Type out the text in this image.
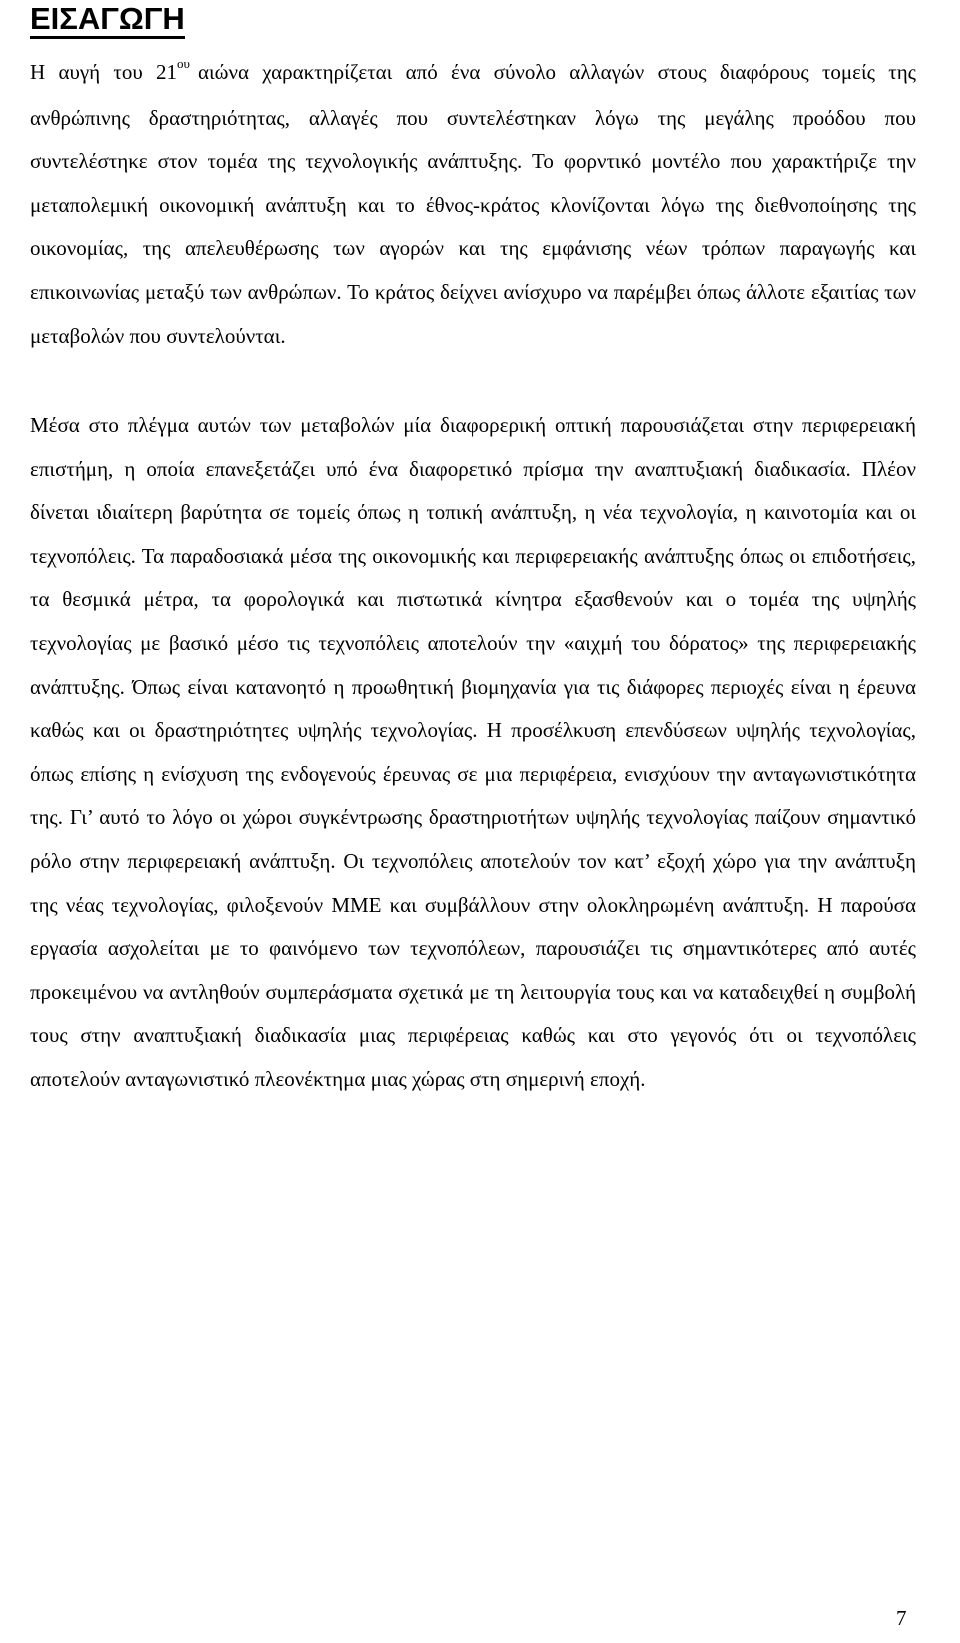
ΕΙΣΑΓΩΓΗ

Η αυγή του $21^{o\upsilon}$ αιώνα χαρακτηρίζεται από ένα σύνολο αλλαγών στους διαφόρους τομείς της ανθρώπινης δραστηριότητας, αλλαγές που συντελέστηκαν λόγω της μεγάλης προόδου που συντελέστηκε στον τομέα της τεχνολογικής ανάπτυξης. Το φορντικό μοντέλο που χαρακτήριζε την μεταπολεμική οικονομική ανάπτυξη και το έθνος-κράτος κλονίζονται λόγω της διεθνοποίησης της οικονομίας, της απελευθέρωσης των αγορών και της εμφάνισης νέων τρόπων παραγωγής και επικοινωνίας μεταξύ των ανθρώπων. Το κράτος δείχνει ανίσχυρο να παρέμβει όπως άλλοτε εξαιτίας των μεταβολών που συντελούνται.

Μέσα στο πλέγμα αυτών των μεταβολών μία διαφορερική οπτική παρουσιάζεται στην περιφερειακή επιστήμη, η οποία επανεξετάζει υπό ένα διαφορετικό πρίσμα την αναπτυξιακή διαδικασία. Πλέον δίνεται ιδιαίτερη βαρύτητα σε τομείς όπως η τοπική ανάπτυξη, η νέα τεχνολογία, η καινοτομία και οι τεχνοπόλεις. Τα παραδοσιακά μέσα της οικονομικής και περιφερειακής ανάπτυξης όπως οι επιδοτήσεις, τα θεσμικά μέτρα, τα φορολογικά και πιστωτικά κίνητρα εξασθενούν και ο τομέα της υψηλής τεχνολογίας με βασικό μέσο τις τεχνοπόλεις αποτελούν την «αιχμή του δόρατος» της περιφερειακής ανάπτυξης. Όπως είναι κατανοητό η προωθητική βιομηχανία για τις διάφορες περιοχές είναι η έρευνα καθώς και οι δραστηριότητες υψηλής τεχνολογίας. Η προσέλκυση επενδύσεων υψηλής τεχνολογίας, όπως επίσης η ενίσχυση της ενδογενούς έρευνας σε μια περιφέρεια, ενισχύουν την ανταγωνιστικότητα της. Γι’ αυτό το λόγο οι χώροι συγκέντρωσης δραστηριοτήτων υψηλής τεχνολογίας παίζουν σημαντικό ρόλο στην περιφερειακή ανάπτυξη. Οι τεχνοπόλεις αποτελούν τον κατ’ εξοχή χώρο για την ανάπτυξη της νέας τεχνολογίας, φιλοξενούν ΜΜΕ και συμβάλλουν στην ολοκληρωμένη ανάπτυξη. Η παρούσα εργασία ασχολείται με το φαινόμενο των τεχνοπόλεων, παρουσιάζει τις σημαντικότερες από αυτές προκειμένου να αντληθούν συμπεράσματα σχετικά με τη λειτουργία τους και να καταδειχθεί η συμβολή τους στην αναπτυξιακή διαδικασία μιας περιφέρειας καθώς και στο γεγονός ότι οι τεχνοπόλεις αποτελούν ανταγωνιστικό πλεονέκτημα μιας χώρας στη σημερινή εποχή.

7
